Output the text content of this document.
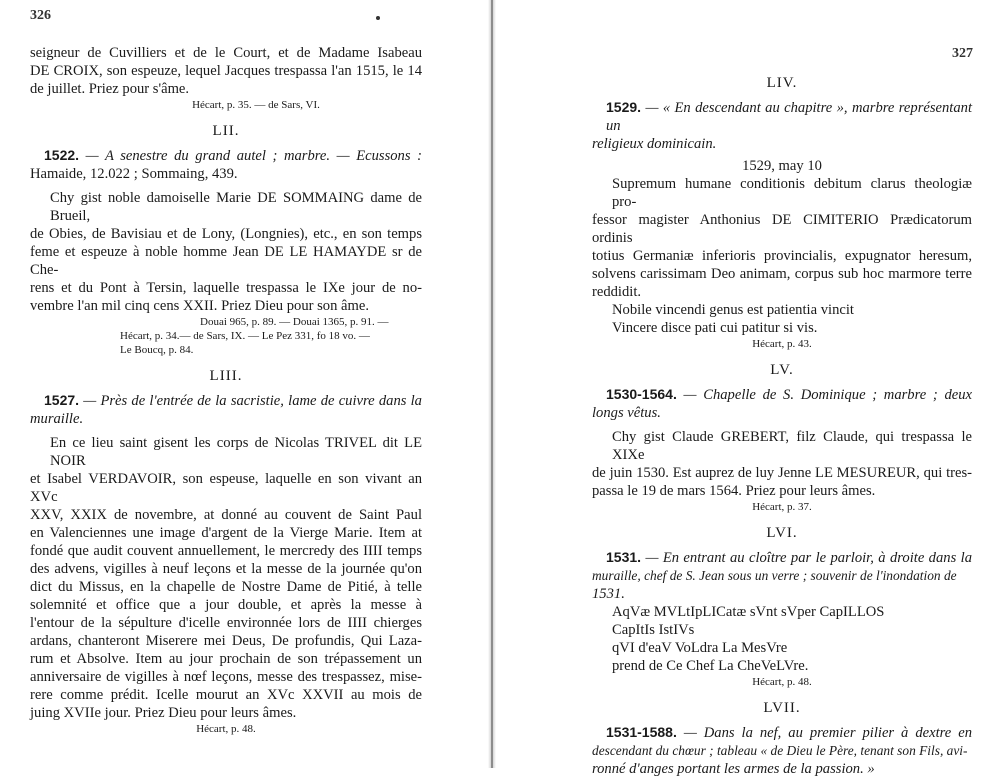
326

seigneur de Cuvilliers et de le Court, et de Madame Isabeau

DE CROIX, son espeuze, lequel Jacques trespassa l'an 1515, le 14

de juillet. Priez pour s'âme.

Hécart, p. 35. — de Sars, VI.

LII.

1522. — A senestre du grand autel ; marbre. — Ecussons :

Hamaide, 12.022 ; Sommaing, 439.

Chy gist noble damoiselle Marie DE SOMMAING dame de Brueil,

de Obies, de Bavisiau et de Lony, (Longnies), etc., en son temps

feme et espeuze à noble homme Jean DE LE HAMAYDE sr de Che-

rens et du Pont à Tersin, laquelle trespassa le IXe jour de no-

vembre l'an mil cinq cens XXII. Priez Dieu pour son âme.

Douai 965, p. 89. — Douai 1365, p. 91. —

Hécart, p. 34.— de Sars, IX. — Le Pez 331, fo 18 vo. —

Le Boucq, p. 84.

LIII.

1527. — Près de l'entrée de la sacristie, lame de cuivre dans la

muraille.

En ce lieu saint gisent les corps de Nicolas TRIVEL dit LE NOIR

et Isabel VERDAVOIR, son espeuse, laquelle en son vivant an XVc

XXV, XXIX de novembre, at donné au couvent de Saint Paul

en Valenciennes une image d'argent de la Vierge Marie. Item at

fondé que audit couvent annuellement, le mercredy des IIII temps

des advens, vigilles à neuf leçons et la messe de la journée qu'on

dict du Missus, en la chapelle de Nostre Dame de Pitié, à telle

solemnité et office que a jour double, et après la messe à

l'entour de la sépulture d'icelle environnée lors de IIII chierges

ardans, chanteront Miserere mei Deus, De profundis, Qui Laza-

rum et Absolve. Item au jour prochain de son trépassement un

anniversaire de vigilles à nœf leçons, messe des trespassez, mise-

rere comme prédit. Icelle mourut an XVc XXVII au mois de

juing XVIIe jour. Priez Dieu pour leurs âmes.

Hécart, p. 48.

327
LIV.

1529. — « En descendant au chapitre », marbre représentant un

religieux dominicain.

1529, may 10

Supremum humane conditionis debitum clarus theologiæ pro-

fessor magister Anthonius DE CIMITERIO Prædicatorum ordinis

totius Germaniæ inferioris provincialis, expugnator heresum,

solvens carissimam Deo animam, corpus sub hoc marmore terre

reddidit.

Nobile vincendi genus est patientia vincit

Vincere disce pati cui patitur si vis.

Hécart, p. 43.

LV.

1530-1564. — Chapelle de S. Dominique ; marbre ; deux

longs vêtus.

Chy gist Claude GREBERT, filz Claude, qui trespassa le XIXe

de juin 1530. Est auprez de luy Jenne LE MESUREUR, qui tres-

passa le 19 de mars 1564. Priez pour leurs âmes.

Hécart, p. 37.

LVI.

1531. — En entrant au cloître par le parloir, à droite dans la

muraille, chef de S. Jean sous un verre ; souvenir de l'inondation de

1531.

AqVæ MVLtIpLICatæ sVnt sVper CapILLOS

CapItIs IstIVs

qVI d'eaV VoLdra La MesVre

prend de Ce Chef La CheVeLVre.

Hécart, p. 48.

LVII.

1531-1588. — Dans la nef, au premier pilier à dextre en

descendant du chœur ; tableau « de Dieu le Père, tenant son Fils, avi-

ronné d'anges portant les armes de la passion. »
